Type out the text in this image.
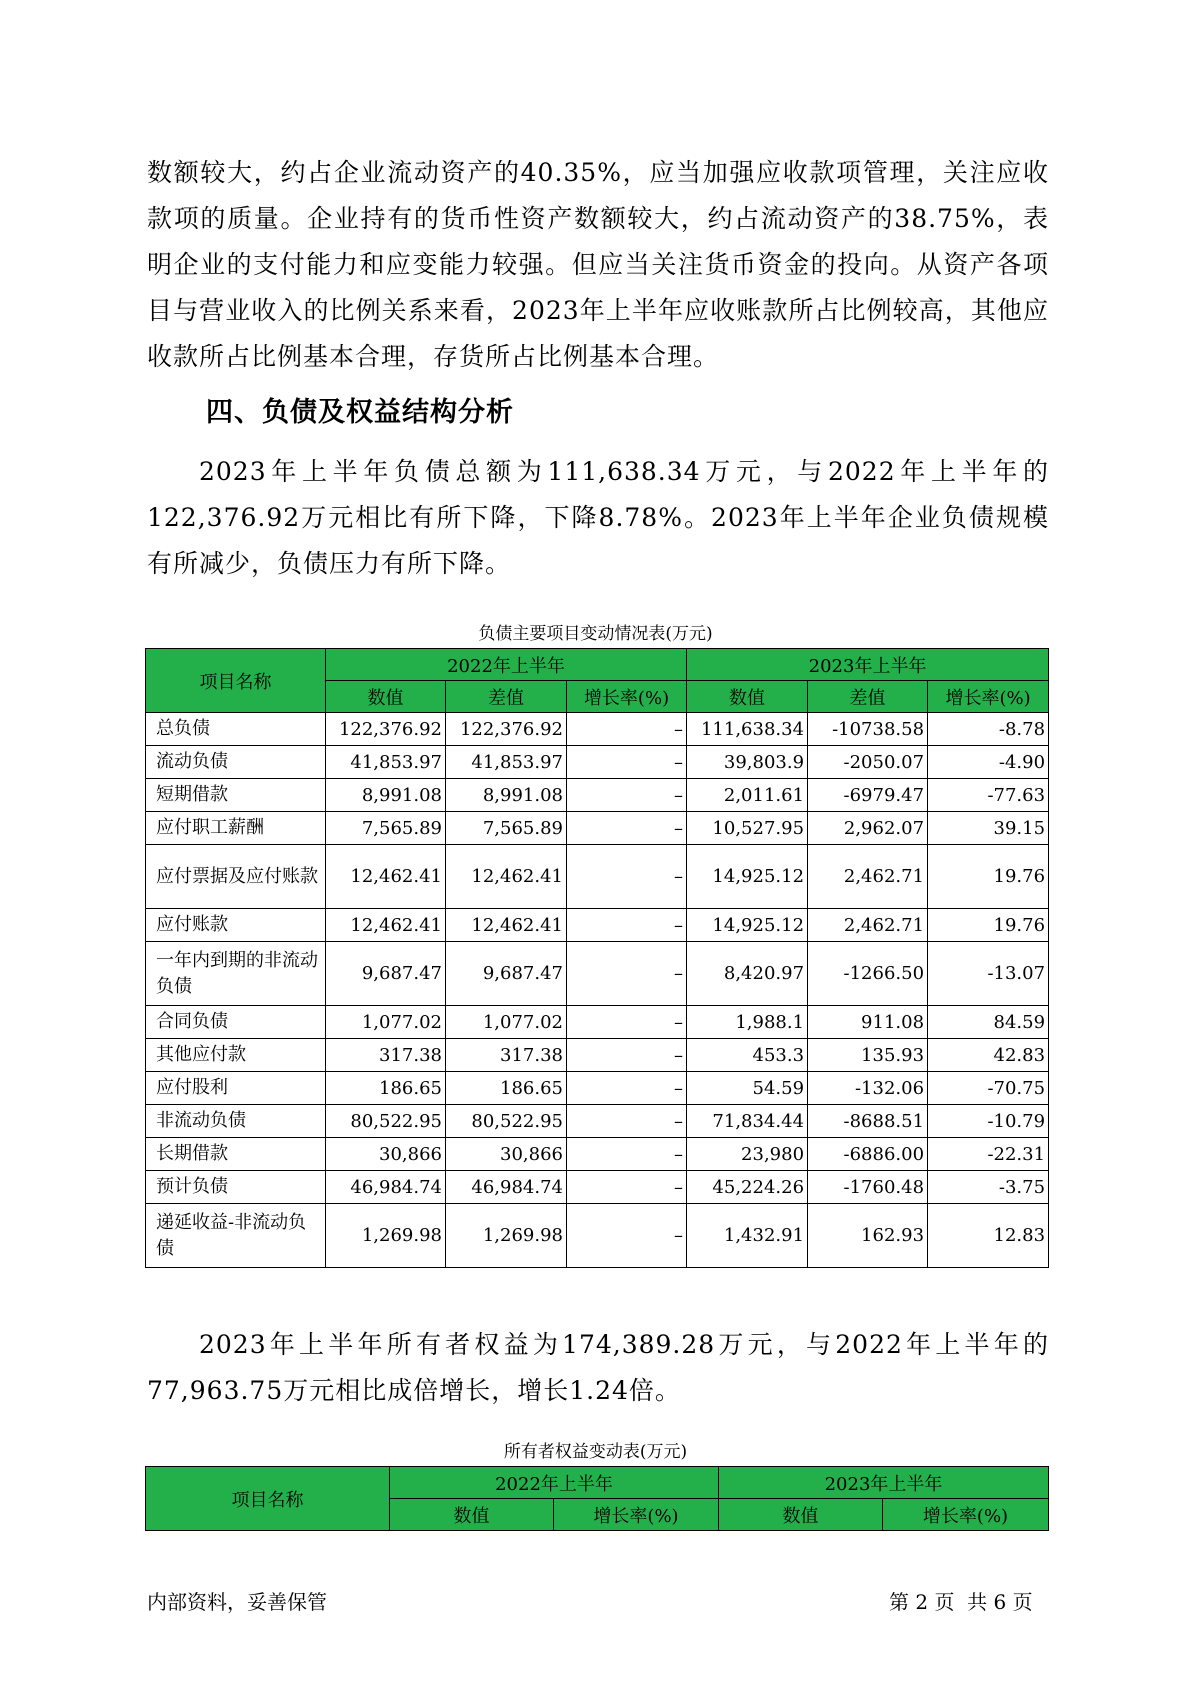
数额较大，约占企业流动资产的40.35%，应当加强应收款项管理，关注应收款项的质量。企业持有的货币性资产数额较大，约占流动资产的38.75%，表明企业的支付能力和应变能力较强。但应当关注货币资金的投向。从资产各项目与营业收入的比例关系来看，2023年上半年应收账款所占比例较高，其他应收款所占比例基本合理，存货所占比例基本合理。

四、负债及权益结构分析

2023年上半年负债总额为111,638.34万元，与2022年上半年的122,376.92万元相比有所下降，下降8.78%。2023年上半年企业负债规模有所减少，负债压力有所下降。

负债主要项目变动情况表(万元)
项目名称	2022年上半年			2023年上半年		
	数值	差值	增长率(%)	数值	差值	增长率(%)
总负债	122,376.92	122,376.92	–	111,638.34	-10738.58	-8.78
流动负债	41,853.97	41,853.97	–	39,803.9	-2050.07	-4.90
短期借款	8,991.08	8,991.08	–	2,011.61	-6979.47	-77.63
应付职工薪酬	7,565.89	7,565.89	–	10,527.95	2,962.07	39.15
应付票据及应付账款	12,462.41	12,462.41	–	14,925.12	2,462.71	19.76
应付账款	12,462.41	12,462.41	–	14,925.12	2,462.71	19.76
一年内到期的非流动负债	9,687.47	9,687.47	–	8,420.97	-1266.50	-13.07
合同负债	1,077.02	1,077.02	–	1,988.1	911.08	84.59
其他应付款	317.38	317.38	–	453.3	135.93	42.83
应付股利	186.65	186.65	–	54.59	-132.06	-70.75
非流动负债	80,522.95	80,522.95	–	71,834.44	-8688.51	-10.79
长期借款	30,866	30,866	–	23,980	-6886.00	-22.31
预计负债	46,984.74	46,984.74	–	45,224.26	-1760.48	-3.75
递延收益-非流动负债	1,269.98	1,269.98	–	1,432.91	162.93	12.83

2023年上半年所有者权益为174,389.28万元，与2022年上半年的77,963.75万元相比成倍增长，增长1.24倍。

所有者权益变动表(万元)
项目名称	2022年上半年		2023年上半年	
	数值	增长率(%)	数值	增长率(%)
内部资料，妥善保管	第 2 页  共 6 页
